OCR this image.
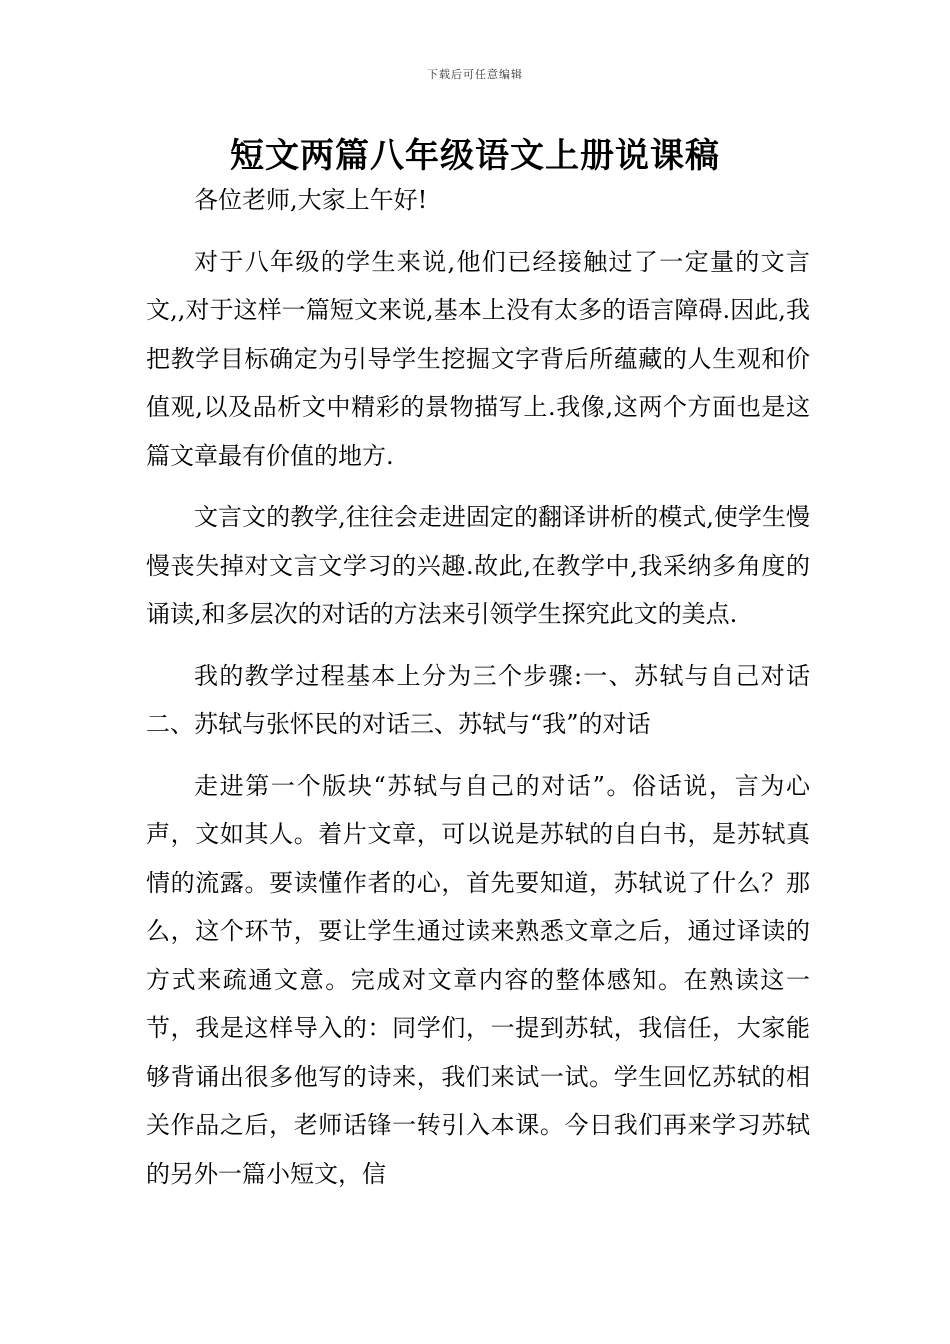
下载后可任意编辑
短文两篇八年级语文上册说课稿

各位老师,大家上午好!

对于八年级的学生来说,他们已经接触过了一定量的文言文,,对于这样一篇短文来说,基本上没有太多的语言障碍.因此,我把教学目标确定为引导学生挖掘文字背后所蕴藏的人生观和价值观,以及品析文中精彩的景物描写上.我像,这两个方面也是这篇文章最有价值的地方.

文言文的教学,往往会走进固定的翻译讲析的模式,使学生慢慢丧失掉对文言文学习的兴趣.故此,在教学中,我采纳多角度的诵读,和多层次的对话的方法来引领学生探究此文的美点.

我的教学过程基本上分为三个步骤:一、苏轼与自己对话二、苏轼与张怀民的对话三、苏轼与“我”的对话

走进第一个版块“苏轼与自己的对话”。俗话说，言为心声，文如其人。着片文章，可以说是苏轼的自白书，是苏轼真情的流露。要读懂作者的心，首先要知道，苏轼说了什么？那么，这个环节，要让学生通过读来熟悉文章之后，通过译读的方式来疏通文意。完成对文章内容的整体感知。在熟读这一节，我是这样导入的：同学们，一提到苏轼，我信任，大家能够背诵出很多他写的诗来，我们来试一试。学生回忆苏轼的相关作品之后，老师话锋一转引入本课。今日我们再来学习苏轼的另外一篇小短文，信
